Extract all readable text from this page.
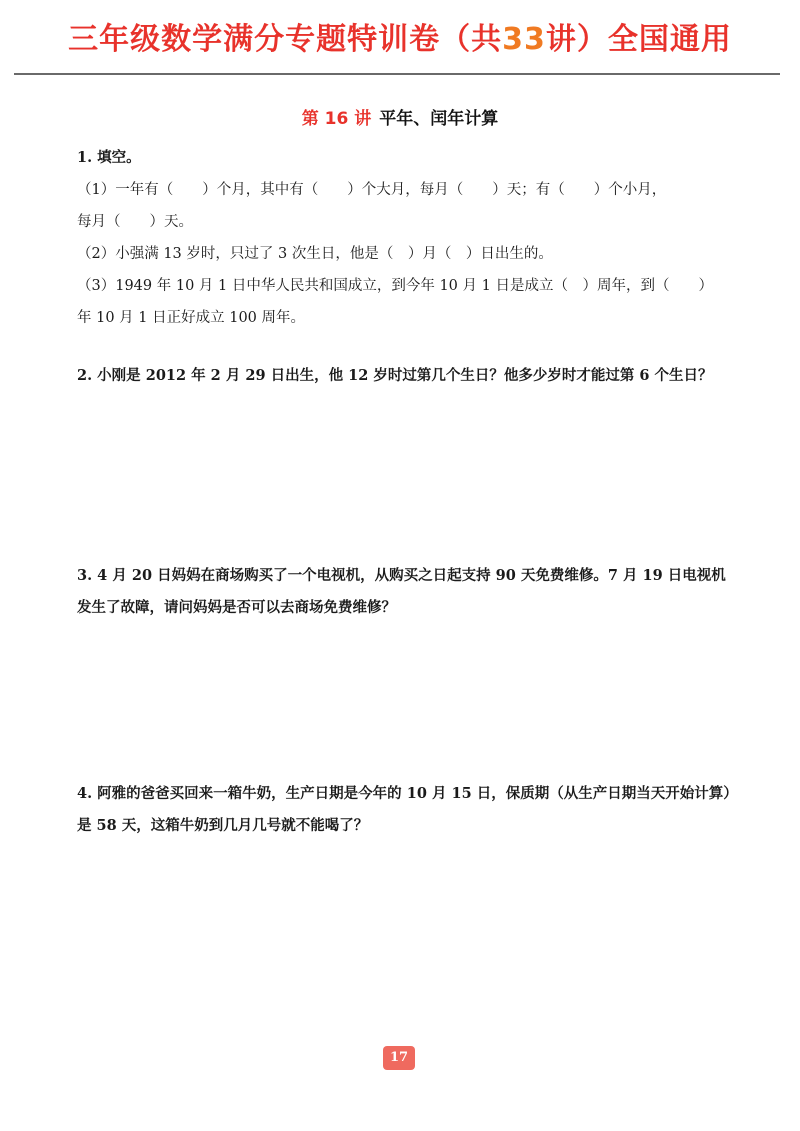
三年级数学满分专题特训卷（共33讲）全国通用
第 16 讲 平年、闰年计算
1. 填空。
（1）一年有（　　）个月，其中有（　　）个大月，每月（　　）天；有（　　）个小月，
每月（　　）天。
（2）小强满 13 岁时，只过了 3 次生日，他是（　）月（　）日出生的。
（3）1949 年 10 月 1 日中华人民共和国成立，到今年 10 月 1 日是成立（　）周年，到（　　）
年 10 月 1 日正好成立 100 周年。
2. 小刚是 2012 年 2 月 29 日出生，他 12 岁时过第几个生日？他多少岁时才能过第 6 个生日？
3. 4 月 20 日妈妈在商场购买了一个电视机，从购买之日起支持 90 天免费维修。7 月 19 日电视机发生了故障，请问妈妈是否可以去商场免费维修？
4. 阿雅的爸爸买回来一箱牛奶，生产日期是今年的 10 月 15 日，保质期（从生产日期当天开始计算）是 58 天，这箱牛奶到几月几号就不能喝了？
17
